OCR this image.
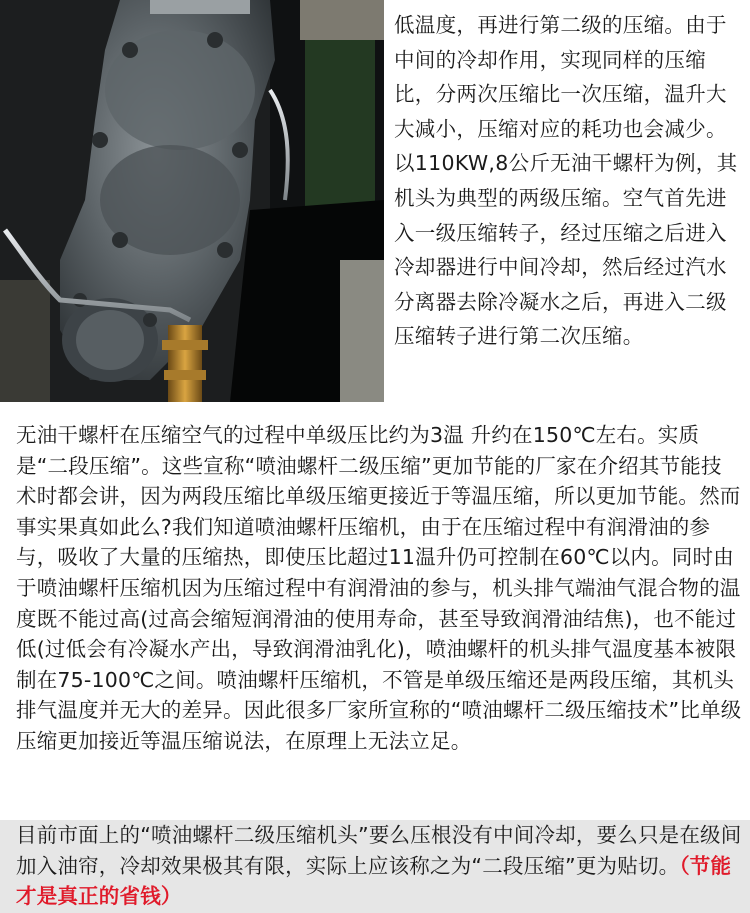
低温度，再进行第二级的压缩。由于中间的冷却作用，实现同样的压缩比，分两次压缩比一次压缩，温升大大减小，压缩对应的耗功也会减少。以110KW,8公斤无油干螺杆为例，其机头为典型的两级压缩。空气首先进入一级压缩转子，经过压缩之后进入冷却器进行中间冷却，然后经过汽水分离器去除冷凝水之后，再进入二级压缩转子进行第二次压缩。

无油干螺杆在压缩空气的过程中单级压比约为3温 升约在150℃左右。实质是“二段压缩”。这些宣称“喷油螺杆二级压缩”更加节能的厂家在介绍其节能技术时都会讲，因为两段压缩比单级压缩更接近于等温压缩，所以更加节能。然而事实果真如此么?我们知道喷油螺杆压缩机，由于在压缩过程中有润滑油的参与，吸收了大量的压缩热，即使压比超过11温升仍可控制在60℃以内。同时由于喷油螺杆压缩机因为压缩过程中有润滑油的参与，机头排气端油气混合物的温度既不能过高(过高会缩短润滑油的使用寿命，甚至导致润滑油结焦)，也不能过低(过低会有冷凝水产出，导致润滑油乳化)，喷油螺杆的机头排气温度基本被限制在75-100℃之间。喷油螺杆压缩机，不管是单级压缩还是两段压缩，其机头排气温度并无大的差异。因此很多厂家所宣称的“喷油螺杆二级压缩技术”比单级压缩更加接近等温压缩说法，在原理上无法立足。

目前市面上的“喷油螺杆二级压缩机头”要么压根没有中间冷却，要么只是在级间加入油帘，冷却效果极其有限，实际上应该称之为“二段压缩”更为贴切。（节能才是真正的省钱）
